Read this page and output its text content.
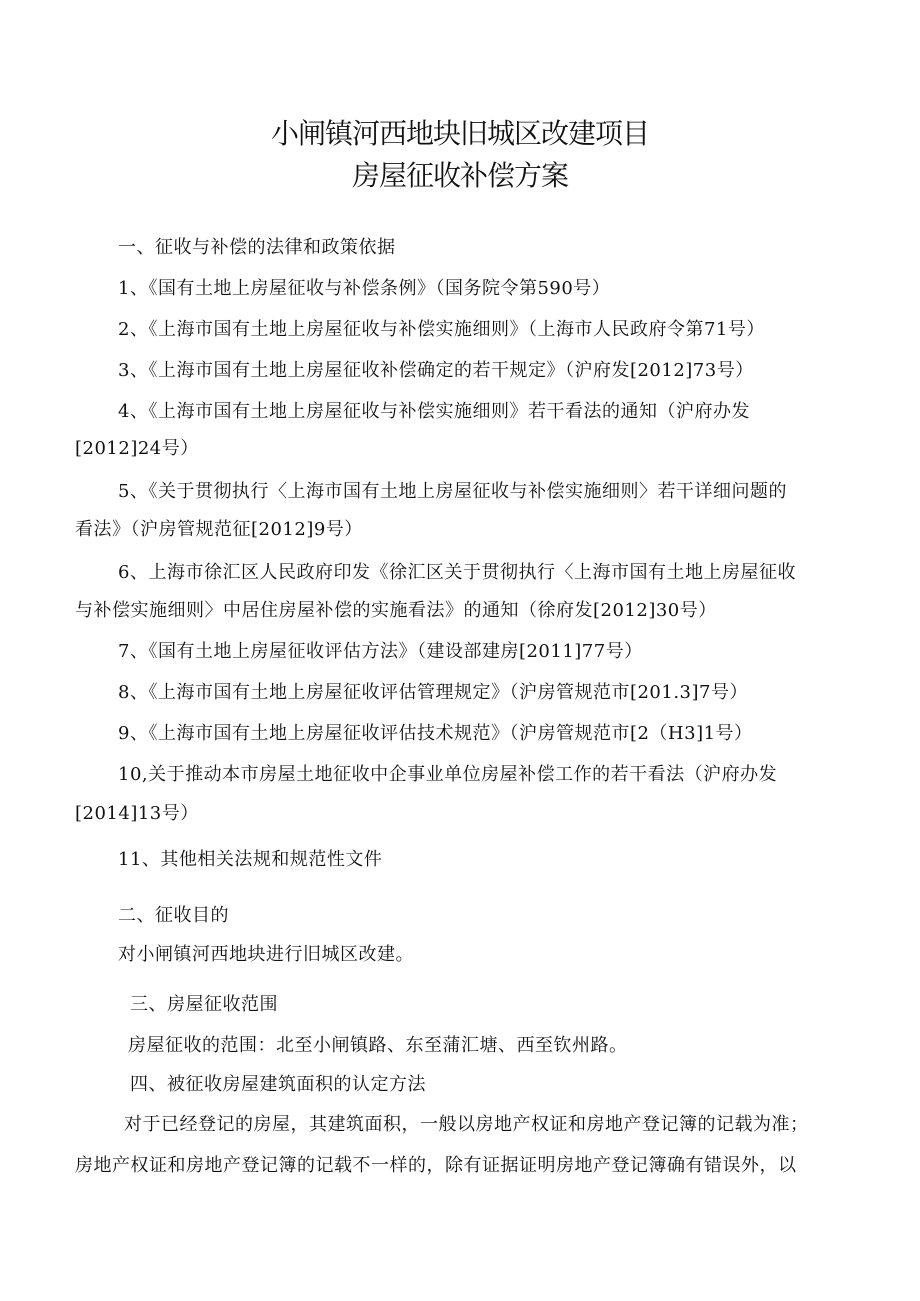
小闸镇河西地块旧城区改建项目
房屋征收补偿方案
一、征收与补偿的法律和政策依据
1、《国有土地上房屋征收与补偿条例》（国务院令第590号）
2、《上海市国有土地上房屋征收与补偿实施细则》（上海市人民政府令第71号）
3、《上海市国有土地上房屋征收补偿确定的若干规定》（沪府发[2012]73号）
4、《上海市国有土地上房屋征收与补偿实施细则》若干看法的通知（沪府办发
[2012]24号）
5、《关于贯彻执行〈上海市国有土地上房屋征收与补偿实施细则〉若干详细问题的
看法》（沪房管规范征[2012]9号）
6、上海市徐汇区人民政府印发《徐汇区关于贯彻执行〈上海市国有土地上房屋征收
与补偿实施细则〉中居住房屋补偿的实施看法》的通知（徐府发[2012]30号）
7、《国有土地上房屋征收评估方法》（建设部建房[2011]77号）
8、《上海市国有土地上房屋征收评估管理规定》（沪房管规范市[201.3]7号）
9、《上海市国有土地上房屋征收评估技术规范》（沪房管规范市[2（H3]1号）
10,关于推动本市房屋土地征收中企事业单位房屋补偿工作的若干看法（沪府办发
[2014]13号）
11、其他相关法规和规范性文件
二、征收目的
对小闸镇河西地块进行旧城区改建。
三、房屋征收范围
房屋征收的范围：北至小闸镇路、东至蒲汇塘、西至钦州路。
四、被征收房屋建筑面积的认定方法
对于已经登记的房屋，其建筑面积，一般以房地产权证和房地产登记簿的记载为准；
房地产权证和房地产登记簿的记载不一样的，除有证据证明房地产登记簿确有错误外，以
